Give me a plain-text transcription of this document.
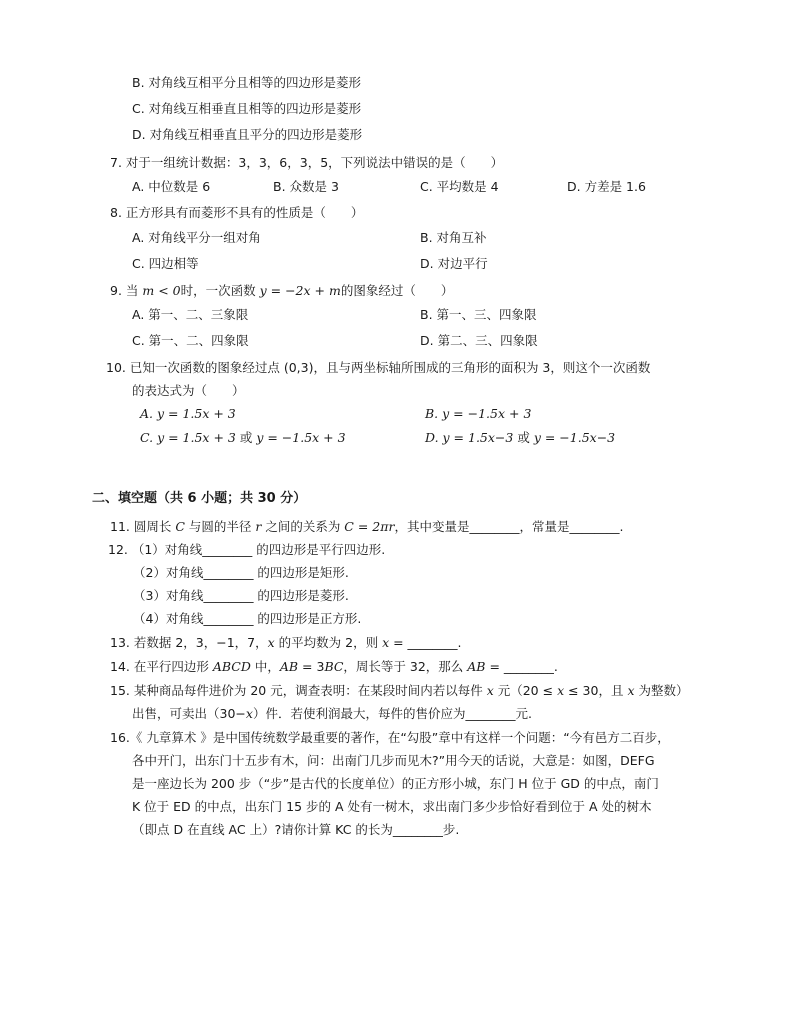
B. 对角线互相平分且相等的四边形是菱形
C. 对角线互相垂直且相等的四边形是菱形
D. 对角线互相垂直且平分的四边形是菱形
7. 对于一组统计数据：3，3，6，3，5，下列说法中错误的是（　　）
A. 中位数是 6	B. 众数是 3	C. 平均数是 4	D. 方差是 1.6
8. 正方形具有而菱形不具有的性质是（　　）
A. 对角线平分一组对角	B. 对角互补
C. 四边相等	D. 对边平行
9. 当 m < 0时，一次函数 y = −2x + m的图象经过（　　）
A. 第一、二、三象限	B. 第一、三、四象限
C. 第一、二、四象限	D. 第二、三、四象限
10. 已知一次函数的图象经过点 (0,3)，且与两坐标轴所围成的三角形的面积为 3，则这个一次函数
的表达式为（　　）
A. y = 1.5x + 3	B. y = −1.5x + 3
C. y = 1.5x + 3 或 y = −1.5x + 3	D. y = 1.5x−3 或 y = −1.5x−3
二、填空题（共 6 小题；共 30 分）
11. 圆周长 C 与圆的半径 r 之间的关系为 C = 2πr，其中变量是________，常量是________.
12. （1）对角线________ 的四边形是平行四边形.
（2）对角线________ 的四边形是矩形.
（3）对角线________ 的四边形是菱形.
（4）对角线________ 的四边形是正方形.
13. 若数据 2，3，−1，7，x 的平均数为 2，则 x = ________.
14. 在平行四边形 ABCD 中，AB = 3BC，周长等于 32，那么 AB = ________.
15. 某种商品每件进价为 20 元，调查表明：在某段时间内若以每件 x 元（20 ≤ x ≤ 30，且 x 为整数）
出售，可卖出（30−x）件．若使利润最大，每件的售价应为________元.
16.《 九章算术 》是中国传统数学最重要的著作，在“勾股”章中有这样一个问题：“今有邑方二百步，
各中开门，出东门十五步有木，问：出南门几步而见木?”用今天的话说，大意是：如图，DEFG
是一座边长为 200 步（“步”是古代的长度单位）的正方形小城，东门 H 位于 GD 的中点，南门
K 位于 ED 的中点，出东门 15 步的 A 处有一树木，求出南门多少步恰好看到位于 A 处的树木
（即点 D 在直线 AC 上）?请你计算 KC 的长为________步.
